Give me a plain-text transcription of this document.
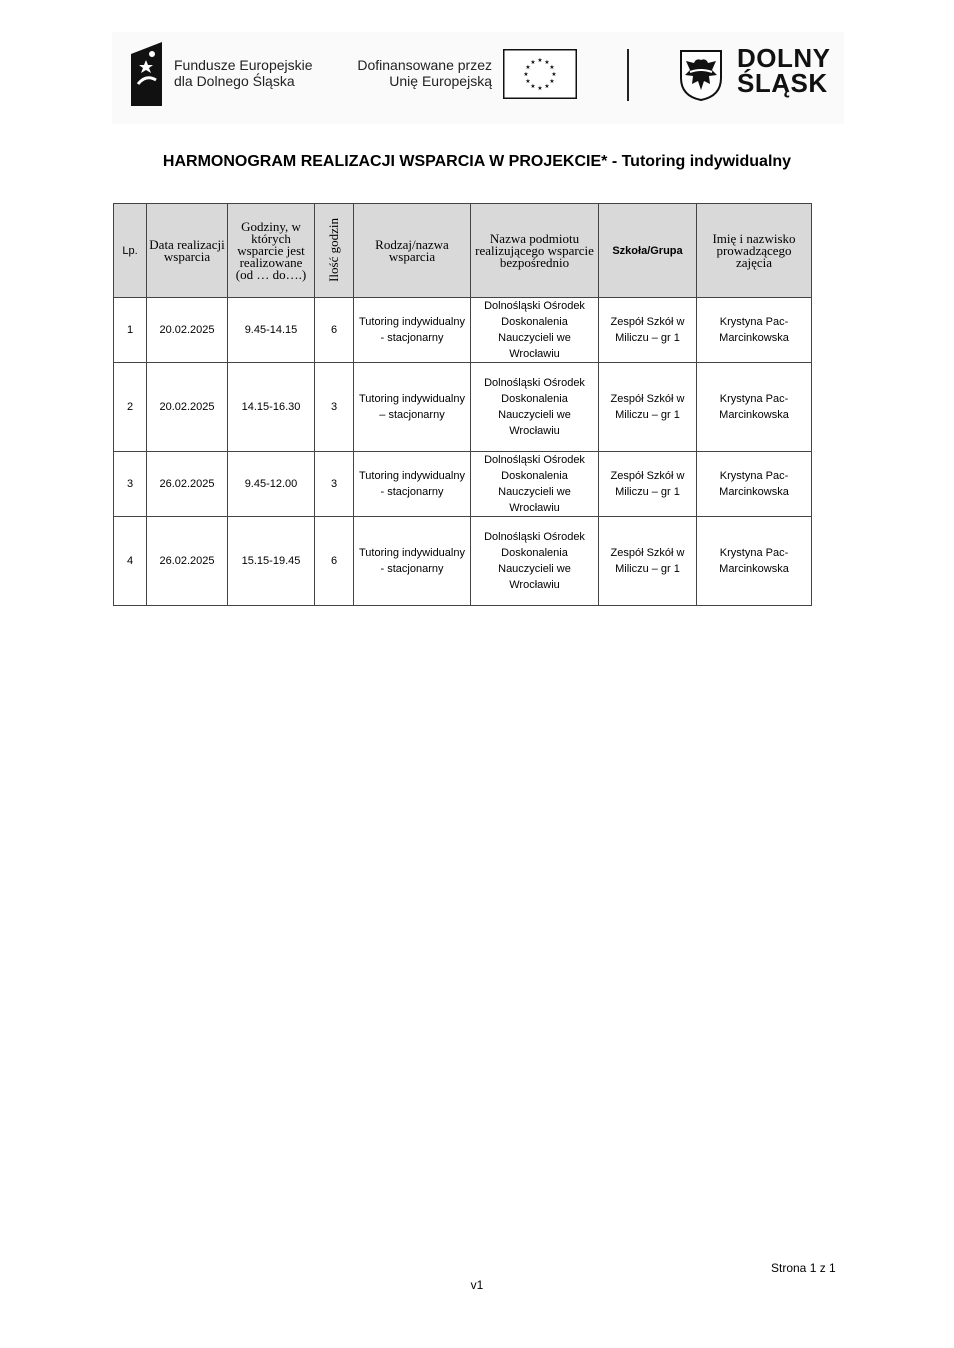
Fundusze Europejskie
dla Dolnego Śląska
Dofinansowane przez
Unię Europejską
★ ★
★
★
★
★
★
★
★
★
★
★	DOLNY
ŚLĄSK
HARMONOGRAM REALIZACJI WSPARCIA W PROJEKCIE* - Tutoring indywidualny
Lp.	Data realizacji wsparcia	Godziny, w których wsparcie jest realizowane (od … do….)	Ilość godzin	Rodzaj/nazwa wsparcia	Nazwa podmiotu realizującego wsparcie bezpośrednio	Szkoła/Grupa	Imię i nazwisko prowadzącego zajęcia
1	20.02.2025	9.45-14.15	6	Tutoring indywidualny - stacjonarny	Dolnośląski Ośrodek Doskonalenia Nauczycieli we Wrocławiu	Zespół Szkół w Miliczu – gr 1	Krystyna Pac-Marcinkowska
2	20.02.2025	14.15-16.30	3	Tutoring indywidualny – stacjonarny	Dolnośląski Ośrodek Doskonalenia Nauczycieli we Wrocławiu	Zespół Szkół w Miliczu – gr 1	Krystyna Pac-Marcinkowska
3	26.02.2025	9.45-12.00	3	Tutoring indywidualny - stacjonarny	Dolnośląski Ośrodek Doskonalenia Nauczycieli we Wrocławiu	Zespół Szkół w Miliczu – gr 1	Krystyna Pac-Marcinkowska
4	26.02.2025	15.15-19.45	6	Tutoring indywidualny - stacjonarny	Dolnośląski Ośrodek Doskonalenia Nauczycieli we Wrocławiu	Zespół Szkół w Miliczu – gr 1	Krystyna Pac-Marcinkowska
Strona 1 z 1
v1
